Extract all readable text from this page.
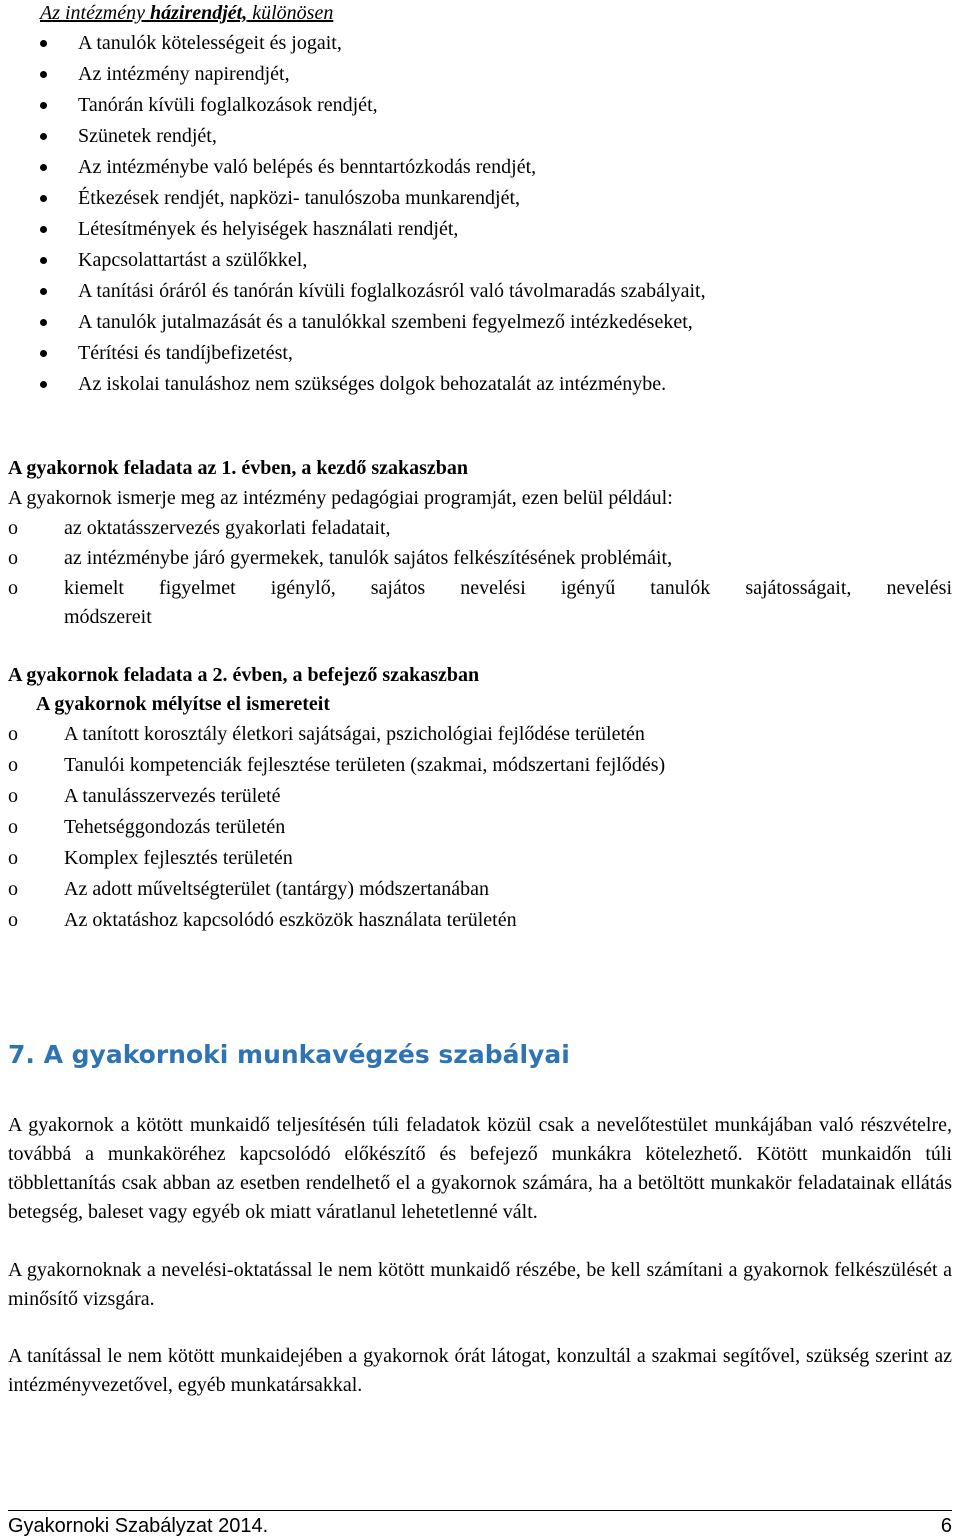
Az intézmény házirendjét, különösen
A tanulók kötelességeit és jogait,
Az intézmény napirendjét,
Tanórán kívüli foglalkozások rendjét,
Szünetek rendjét,
Az intézménybe való belépés és benntartózkodás rendjét,
Étkezések rendjét, napközi- tanulószoba munkarendjét,
Létesítmények és helyiségek használati rendjét,
Kapcsolattartást a szülőkkel,
A tanítási óráról és tanórán kívüli foglalkozásról való távolmaradás szabályait,
A tanulók jutalmazását és a tanulókkal szembeni fegyelmező intézkedéseket,
Térítési és tandíjbefizetést,
Az iskolai tanuláshoz nem szükséges dolgok behozatalát az intézménybe.
A gyakornok feladata az 1. évben, a kezdő szakaszban
A gyakornok ismerje meg az intézmény pedagógiai programját, ezen belül például:
o az oktatásszervezés gyakorlati feladatait,
o az intézménybe járó gyermekek, tanulók sajátos felkészítésének problémáit,
o kiemelt figyelmet igénylő, sajátos nevelési igényű tanulók sajátosságait, nevelési
módszereit
A gyakornok feladata a 2. évben, a befejező szakaszban
A gyakornok mélyítse el ismereteit
o A tanított korosztály életkori sajátságai, pszichológiai fejlődése területén
o Tanulói kompetenciák fejlesztése területen (szakmai, módszertani fejlődés)
o A tanulásszervezés területé
o Tehetséggondozás területén
o Komplex fejlesztés területén
o Az adott műveltségterület (tantárgy) módszertanában
o Az oktatáshoz kapcsolódó eszközök használata területén
7. A gyakornoki munkavégzés szabályai
A gyakornok a kötött munkaidő teljesítésén túli feladatok közül csak a nevelőtestület munkájában való részvételre, továbbá a munkaköréhez kapcsolódó előkészítő és befejező munkákra kötelezhető. Kötött munkaidőn túli többlettanítás csak abban az esetben rendelhető el a gyakornok számára, ha a betöltött munkakör feladatainak ellátás betegség, baleset vagy egyéb ok miatt váratlanul lehetetlenné vált.
A gyakornoknak a nevelési-oktatással le nem kötött munkaidő részébe, be kell számítani a gyakornok felkészülését a minősítő vizsgára.
A tanítással le nem kötött munkaidejében a gyakornok órát látogat, konzultál a szakmai segítővel, szükség szerint az intézményvezetővel, egyéb munkatársakkal.
Gyakornoki Szabályzat 2014.	6
